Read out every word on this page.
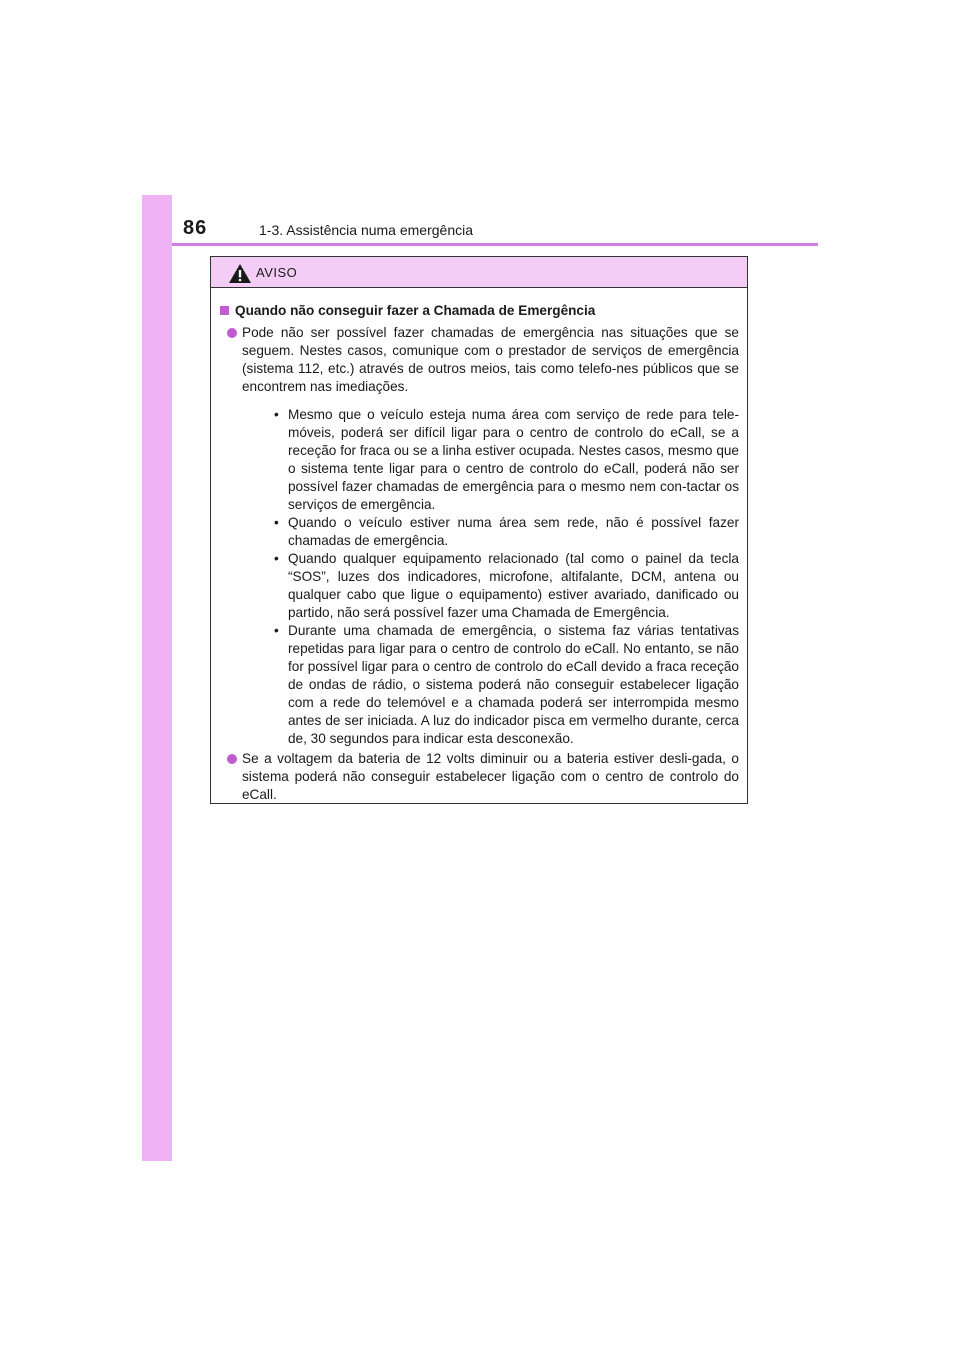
86	1-3. Assistência numa emergência
AVISO
Quando não conseguir fazer a Chamada de Emergência
Pode não ser possível fazer chamadas de emergência nas situações que se seguem. Nestes casos, comunique com o prestador de serviços de emergência (sistema 112, etc.) através de outros meios, tais como telefo-nes públicos que se encontrem nas imediações.
• Mesmo que o veículo esteja numa área com serviço de rede para tele-móveis, poderá ser difícil ligar para o centro de controlo do eCall, se a receção for fraca ou se a linha estiver ocupada. Nestes casos, mesmo que o sistema tente ligar para o centro de controlo do eCall, poderá não ser possível fazer chamadas de emergência para o mesmo nem con-tactar os serviços de emergência.
• Quando o veículo estiver numa área sem rede, não é possível fazer chamadas de emergência.
• Quando qualquer equipamento relacionado (tal como o painel da tecla “SOS”, luzes dos indicadores, microfone, altifalante, DCM, antena ou qualquer cabo que ligue o equipamento) estiver avariado, danificado ou partido, não será possível fazer uma Chamada de Emergência.
• Durante uma chamada de emergência, o sistema faz várias tentativas repetidas para ligar para o centro de controlo do eCall. No entanto, se não for possível ligar para o centro de controlo do eCall devido a fraca receção de ondas de rádio, o sistema poderá não conseguir estabelecer ligação com a rede do telemóvel e a chamada poderá ser interrompida mesmo antes de ser iniciada. A luz do indicador pisca em vermelho durante, cerca de, 30 segundos para indicar esta desconexão.
Se a voltagem da bateria de 12 volts diminuir ou a bateria estiver desli-gada, o sistema poderá não conseguir estabelecer ligação com o centro de controlo do eCall.
